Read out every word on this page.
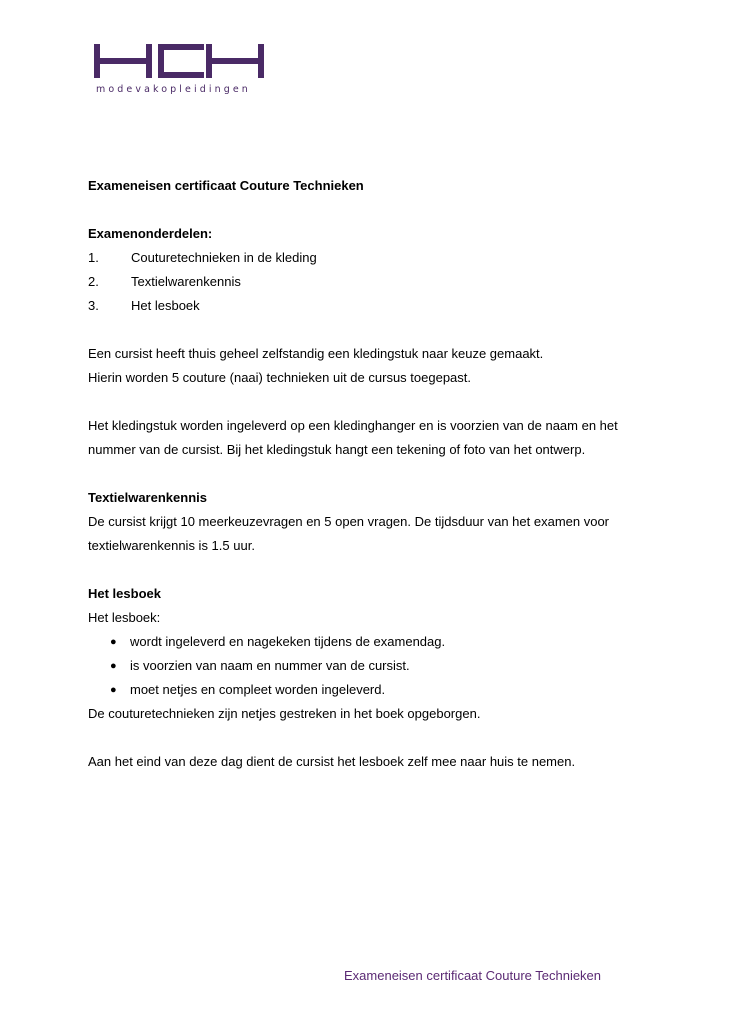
modevakopleidingen
Exameneisen certificaat Couture Technieken
Examenonderdelen:
1.	Couturetechnieken in de kleding
2.	Textielwarenkennis
3.	Het lesboek
Een cursist heeft thuis geheel zelfstandig een kledingstuk naar keuze gemaakt.
Hierin worden 5 couture (naai) technieken uit de cursus toegepast.
Het kledingstuk worden ingeleverd op een kledinghanger en is voorzien van de naam en het
nummer van de cursist. Bij het kledingstuk hangt een tekening of foto van het ontwerp.
Textielwarenkennis
De cursist krijgt 10 meerkeuzevragen en 5 open vragen. De tijdsduur van het examen voor
textielwarenkennis is 1.5 uur.
Het lesboek
Het lesboek:
●	wordt ingeleverd en nagekeken tijdens de examendag.
●	is voorzien van naam en nummer van de cursist.
●	moet netjes en compleet worden ingeleverd.
De couturetechnieken zijn netjes gestreken in het boek opgeborgen.
Aan het eind van deze dag dient de cursist het lesboek zelf mee naar huis te nemen.
Exameneisen certificaat Couture Technieken
